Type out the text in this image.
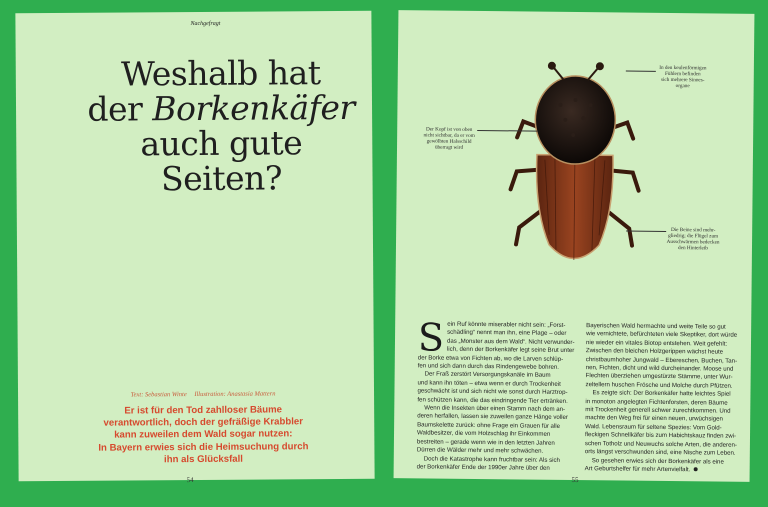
Nachgefragt
Weshalb hat
der Borkenkäfer
auch gute Seiten?
Text: Sebastian Winte Illustration: Anastasia Mattern

Er ist für den Tod zahlloser Bäume
verantwortlich, doch der gefräßige Krabbler
kann zuweilen dem Wald sogar nutzen:
In Bayern erwies sich die Heimsuchung durch
ihn als Glücksfall

54
In den keulenförmigen
Fühlern befinden
sich mehrere Sinnes-
organe
Der Kopf ist von oben
nicht sichtbar, da er vom
gewölbten Halsschild
überragt wird
Die Beine sind mehr-
gliedrig; die Flügel zum
Ausschwärmen bedecken
den Hinterleib
S ein Ruf könnte miserabler nicht sein: „Forst-
schädling“ nennt man ihn, eine Plage – oder
das „Monster aus dem Wald“. Nicht verwunder-
lich, denn der Borkenkäfer legt seine Brut unter
der Borke etwa von Fichten ab, wo die Larven schlüp-
fen und sich dann durch das Rindengewebe bohren.
Der Fraß zerstört Versorgungskanäle im Baum
und kann ihn töten – etwa wenn er durch Trockenheit
geschwächt ist und sich nicht wie sonst durch Harztrop-
fen schützen kann, die das eindringende Tier ertränken.
Wenn die Insekten über einen Stamm nach dem an-
deren herfallen, lassen sie zuweilen ganze Hänge voller
Baumskelette zurück: ohne Frage ein Grauen für alle
Waldbesitzer, die vom Holzschlag ihr Einkommen
bestreiten – gerade wenn wie in den letzten Jahren
Dürren die Wälder mehr und mehr schwächen.
Doch die Katastrophe kann fruchtbar sein: Als sich
der Borkenkäfer Ende der 1990er Jahre über den
Bayerischen Wald hermachte und weite Teile so gut
wie vernichtete, befürchteten viele Skeptiker, dort würde
nie wieder ein vitales Biotop entstehen. Weit gefehlt:
Zwischen den bleichen Holzgerippen wächst heute
christbaumhoher Jungwald – Ebereschen, Buchen, Tan-
nen, Fichten, dicht und wild durcheinander. Moose und
Flechten überziehen umgestürzte Stämme, unter Wur-
zeltellern huschen Frösche und Molche durch Pfützen.
Es zeigte sich: Der Borkenkäfer hatte leichtes Spiel
in monoton angelegten Fichtenforsten, deren Bäume
mit Trockenheit generell schwer zurechtkommen. Und
machte den Weg frei für einen neuen, urwüchsigen
Wald. Lebensraum für seltene Spezies: Vom Gold-
fleckigen Schnellkäfer bis zum Habichtskauz finden zwi-
schen Totholz und Neuwuchs solche Arten, die anderen-
orts längst verschwunden sind, eine Nische zum Leben.
So gesehen erwies sich der Borkenkäfer als eine
Art Geburtshelfer für mehr Artenvielfalt.
55
